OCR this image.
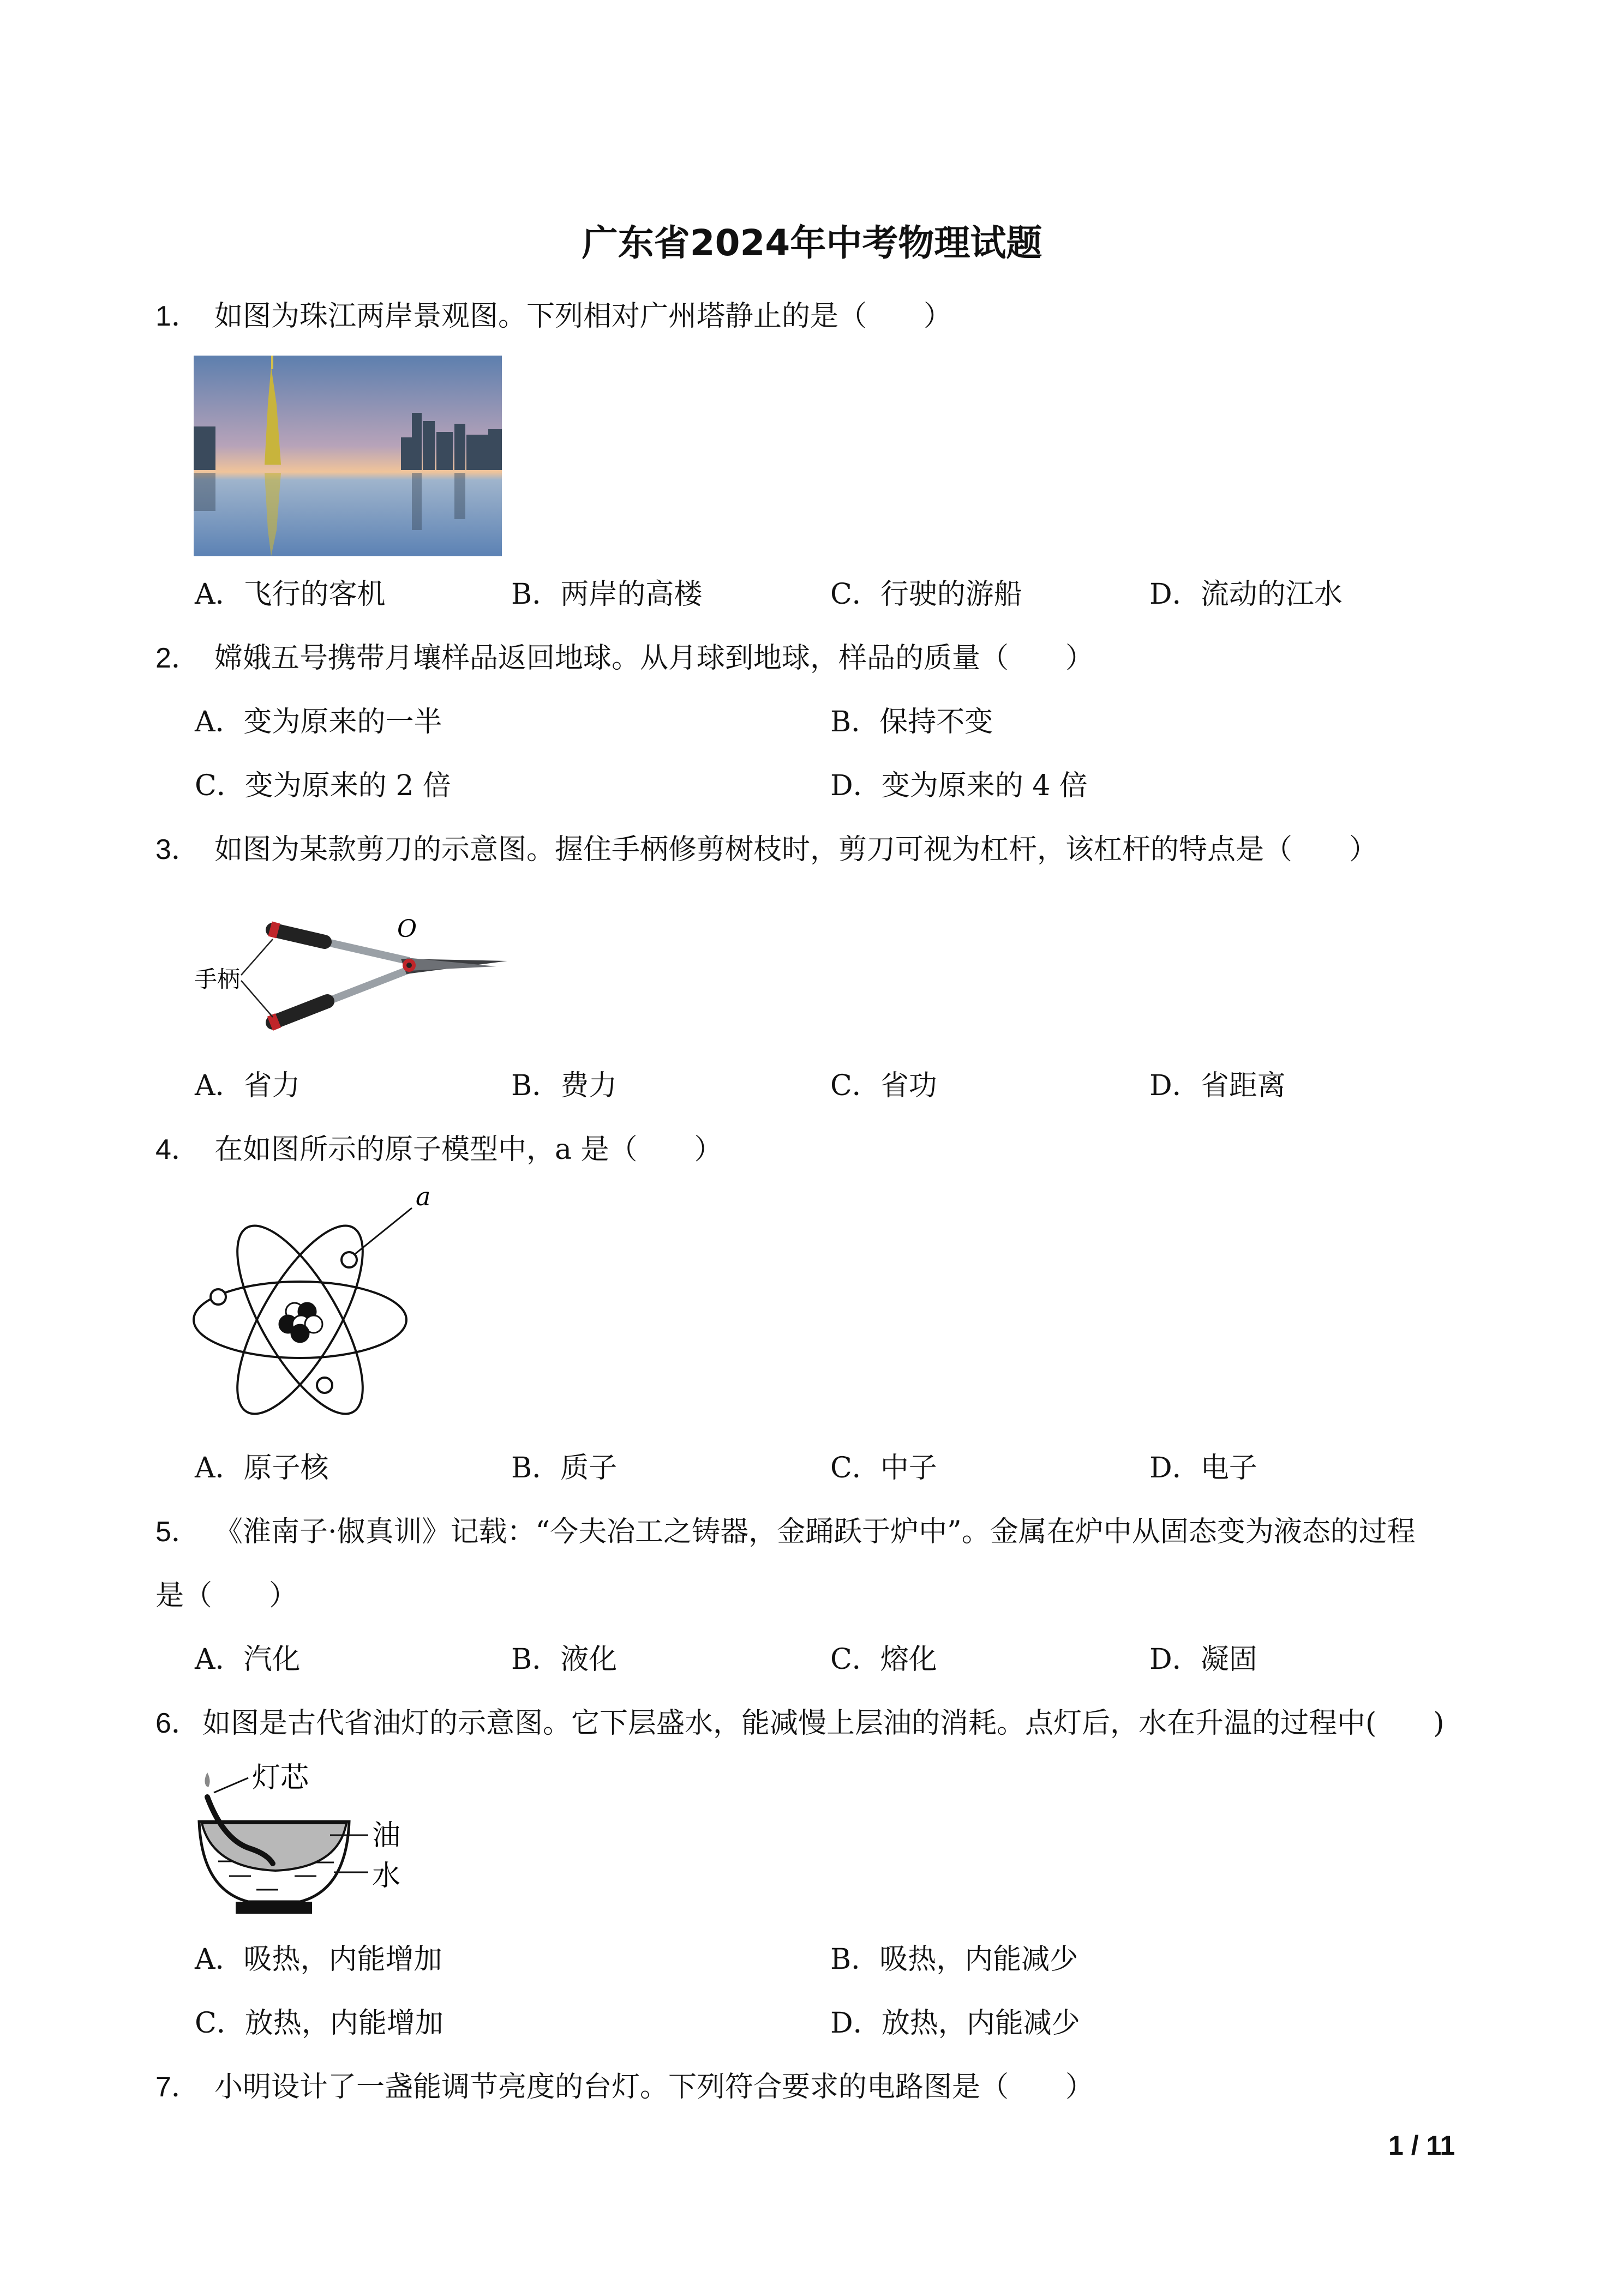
广东省2024年中考物理试题
1． 如图为珠江两岸景观图。下列相对广州塔静止的是（　　）
A．飞行的客机	B．两岸的高楼	C．行驶的游船	D．流动的江水
2． 嫦娥五号携带月壤样品返回地球。从月球到地球，样品的质量（　　）
A．变为原来的一半	B．保持不变
C．变为原来的 2 倍	D．变为原来的 4 倍
3． 如图为某款剪刀的示意图。握住手柄修剪树枝时，剪刀可视为杠杆，该杠杆的特点是（　　）
O
手柄
A．省力	B．费力	C．省功	D．省距离
4． 在如图所示的原子模型中，a 是（　　）
a
A．原子核	B．质子	C．中子	D．电子
5． 《淮南子·俶真训》记载：“今夫冶工之铸器，金踊跃于炉中”。金属在炉中从固态变为液态的过程
是（　　）
A．汽化	B．液化	C．熔化	D．凝固
6．如图是古代省油灯的示意图。它下层盛水，能减慢上层油的消耗。点灯后，水在升温的过程中(　　)
灯芯
油
水
A．吸热，内能增加	B．吸热，内能减少
C．放热，内能增加	D．放热，内能减少
7． 小明设计了一盏能调节亮度的台灯。下列符合要求的电路图是（　　）
1 / 11
